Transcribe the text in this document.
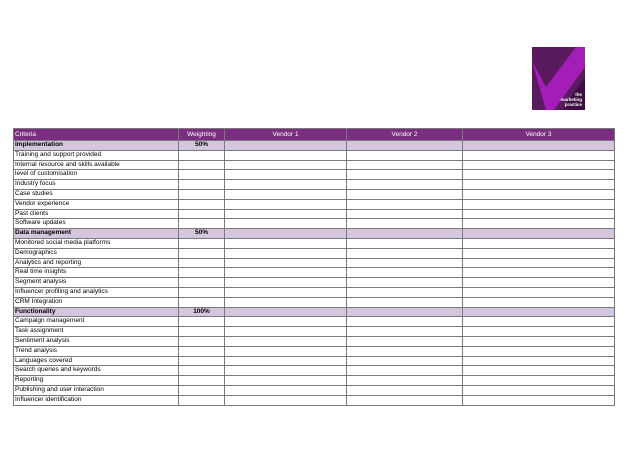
the
marketing
practice
Criteria	Weighting	Vendor 1	Vendor 2	Vendor 3
Implementation	50%			
Training and support provided				
Internal resource and skills available				
level of customisation				
Industry focus				
Case studies				
Vendor experience				
Past clients				
Software updates				
Data management	50%			
Monitored social media platforms				
Demographics				
Analytics and reporting				
Real time insights				
Segment analysis				
Influencer profiling and analytics				
CRM Integration				
Functionality	100%			
Campaign management				
Task assignment				
Sentiment analysis				
Trend analysis				
Languages covered				
Search queries and keywords				
Reporting				
Publishing and user interaction				
Influencer identification				
